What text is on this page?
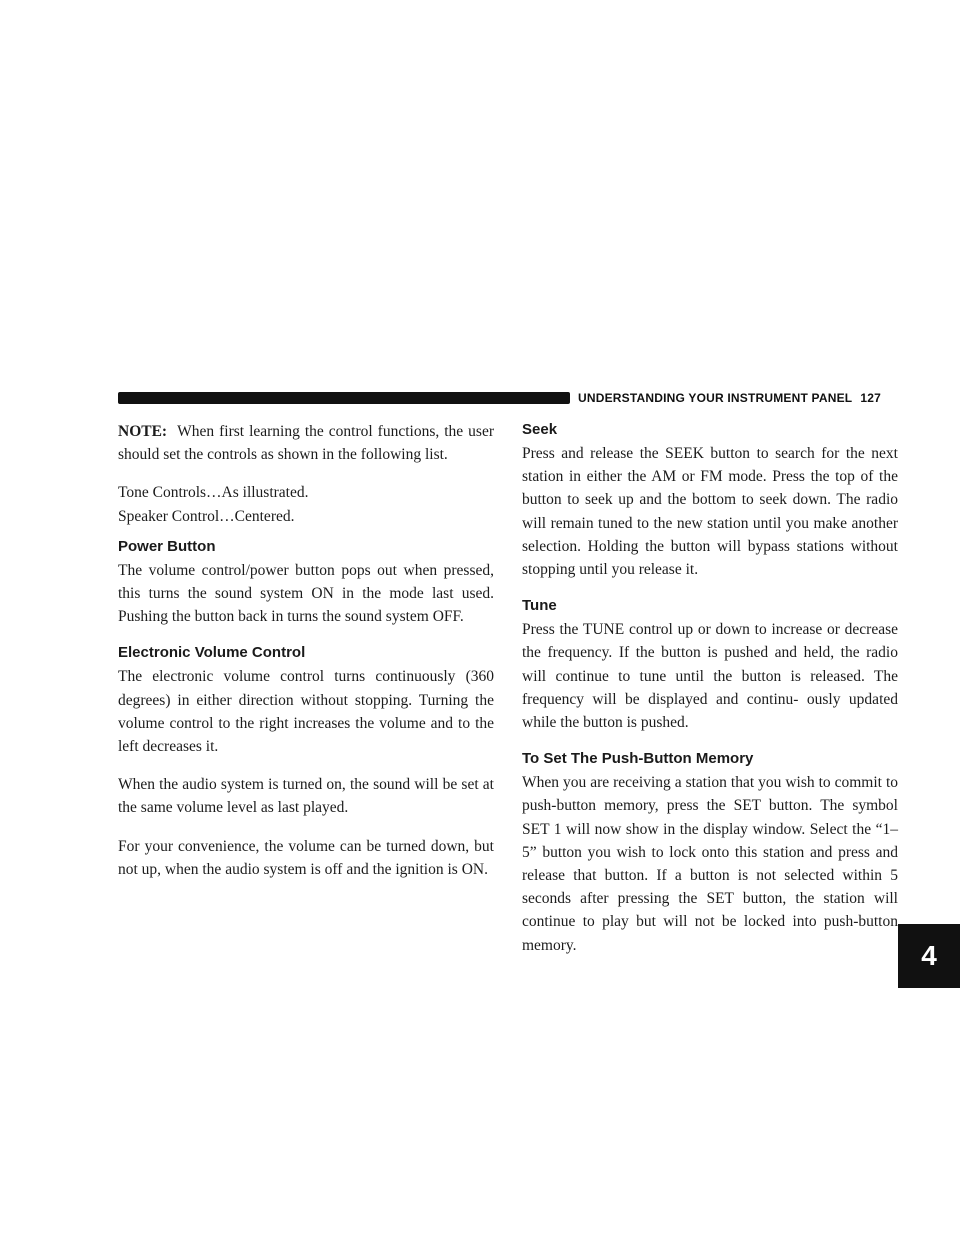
UNDERSTANDING YOUR INSTRUMENT PANEL 127
4

NOTE: When first learning the control functions, the user should set the controls as shown in the following list.

Tone Controls…As illustrated.

Speaker Control…Centered.

Power Button

The volume control/power button pops out when pressed, this turns the sound system ON in the mode last used. Pushing the button back in turns the sound system OFF.

Electronic Volume Control

The electronic volume control turns continuously (360 degrees) in either direction without stopping. Turning the volume control to the right increases the volume and to the left decreases it.

When the audio system is turned on, the sound will be set at the same volume level as last played.

For your convenience, the volume can be turned down, but not up, when the audio system is off and the ignition is ON.

Seek

Press and release the SEEK button to search for the next station in either the AM or FM mode. Press the top of the button to seek up and the bottom to seek down. The radio will remain tuned to the new station until you make another selection. Holding the button will bypass stations without stopping until you release it.

Tune

Press the TUNE control up or down to increase or decrease the frequency. If the button is pushed and held, the radio will continue to tune until the button is released. The frequency will be displayed and continu- ously updated while the button is pushed.

To Set The Push-Button Memory

When you are receiving a station that you wish to commit to push-button memory, press the SET button. The symbol SET 1 will now show in the display window. Select the “1–5” button you wish to lock onto this station and press and release that button. If a button is not selected within 5 seconds after pressing the SET button, the station will continue to play but will not be locked into push-button memory.
